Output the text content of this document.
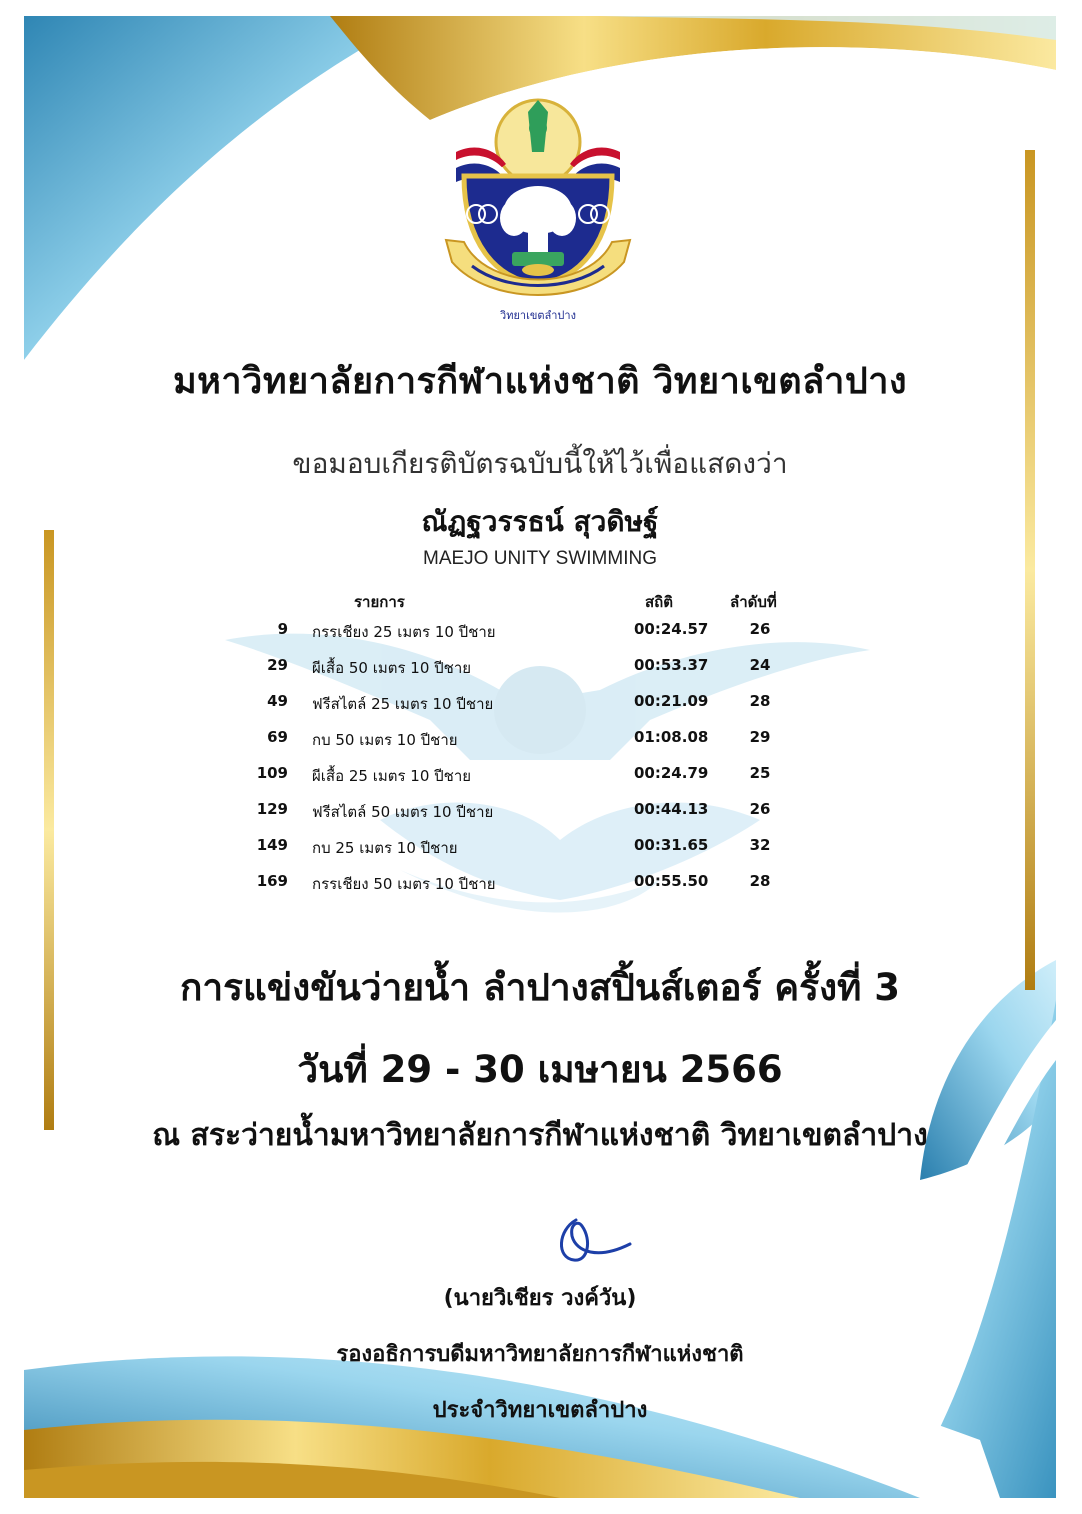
วิทยาเขตลำปาง
มหาวิทยาลัยการกีฬาแห่งชาติ วิทยาเขตลำปาง
ขอมอบเกียรติบัตรฉบับนี้ให้ไว้เพื่อแสดงว่า
ณัฏฐวรรธน์ สุวดิษฐ์
MAEJO UNITY SWIMMING
รายการ	สถิติ	ลำดับที่
9 กรรเชียง 25 เมตร 10 ปีชาย	00:24.57	26
29 ผีเสื้อ 50 เมตร 10 ปีชาย	00:53.37	24
49 ฟรีสไตล์ 25 เมตร 10 ปีชาย	00:21.09	28
69 กบ 50 เมตร 10 ปีชาย	01:08.08	29
109 ผีเสื้อ 25 เมตร 10 ปีชาย	00:24.79	25
129 ฟรีสไตล์ 50 เมตร 10 ปีชาย	00:44.13	26
149 กบ 25 เมตร 10 ปีชาย	00:31.65	32
169 กรรเชียง 50 เมตร 10 ปีชาย	00:55.50	28
การแข่งขันว่ายน้ำ ลำปางสปิ้นส์เตอร์ ครั้งที่ 3
วันที่ 29 - 30 เมษายน 2566
ณ สระว่ายน้ำมหาวิทยาลัยการกีฬาแห่งชาติ วิทยาเขตลำปาง
(นายวิเชียร วงค์วัน)
รองอธิการบดีมหาวิทยาลัยการกีฬาแห่งชาติ
ประจำวิทยาเขตลำปาง
